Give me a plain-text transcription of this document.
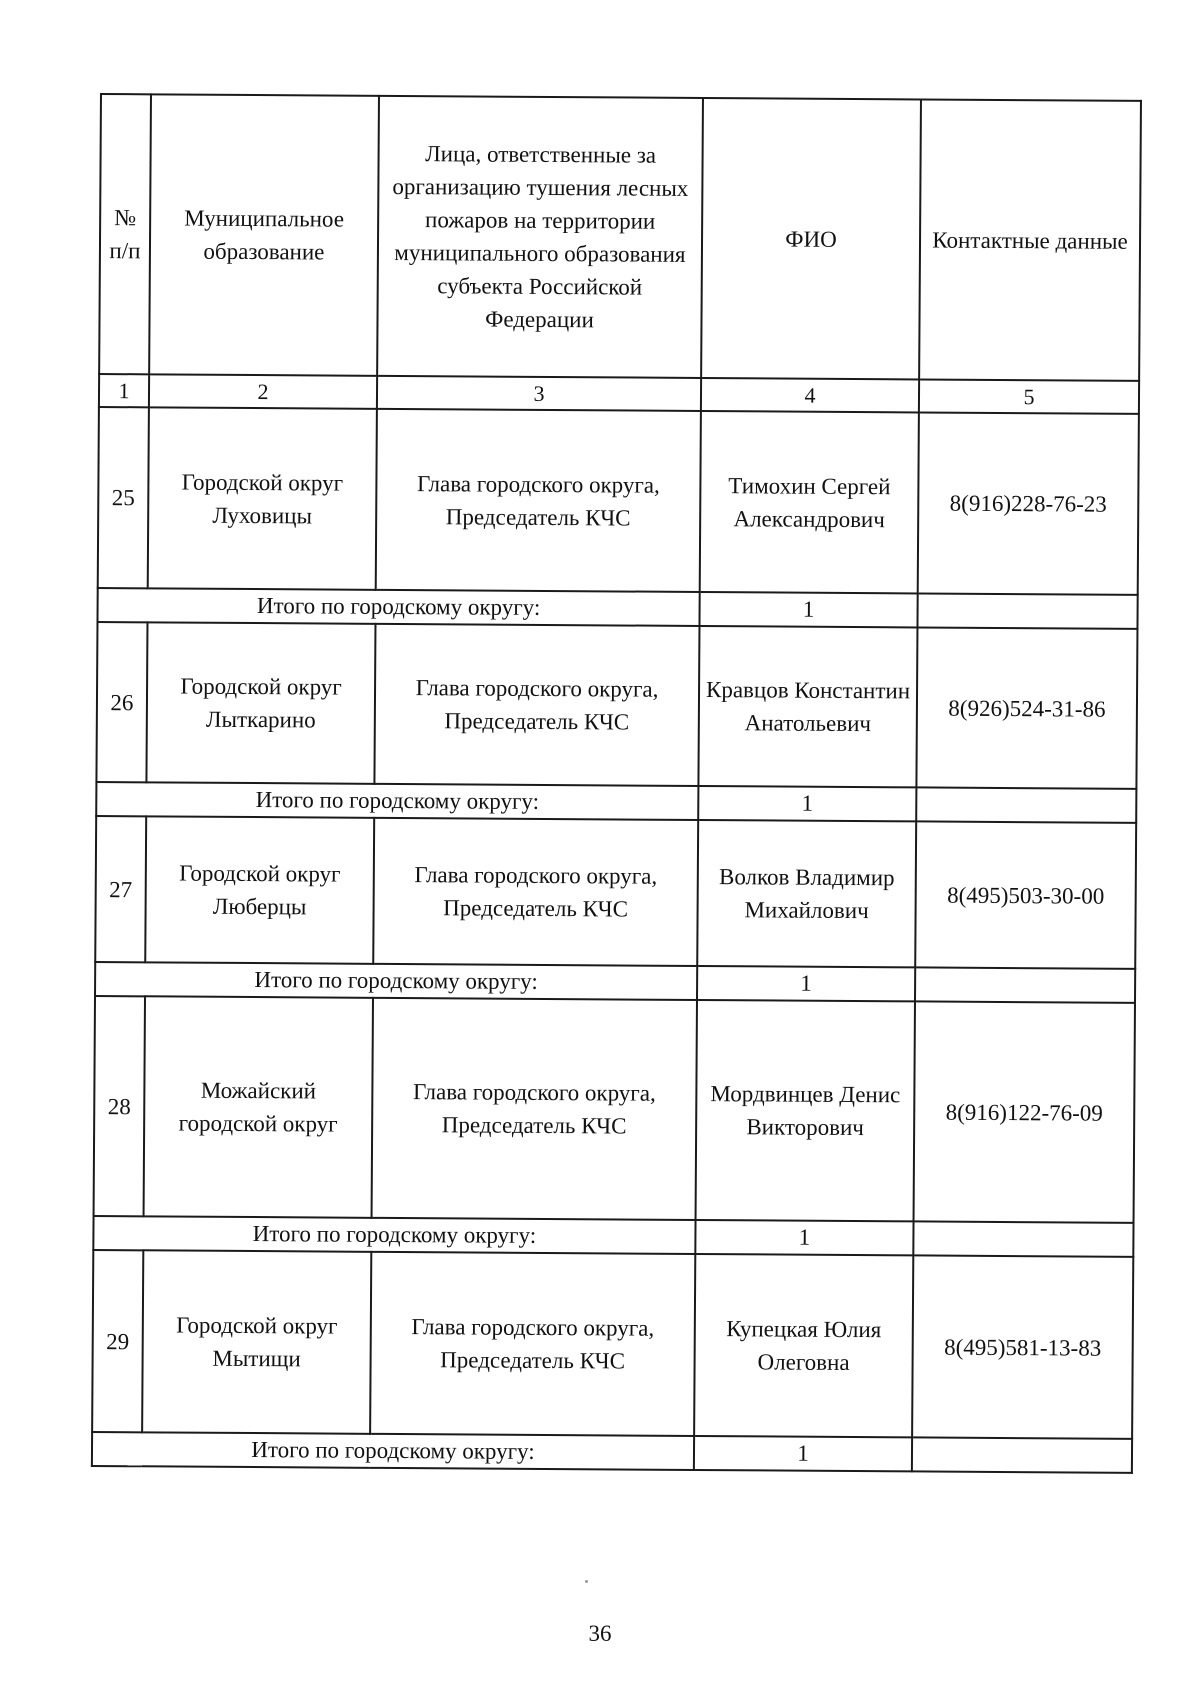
№ п/п	Муниципальное образование	Лица, ответственные за организацию тушения лесных пожаров на территории муниципального образования субъекта Российской Федерации	ФИО	Контактные данные
1	2	3	4	5
25	Городской округ Луховицы	Глава городского округа, Председатель КЧС	Тимохин Сергей Александрович	8(916)228-76-23
Итого по городскому округу:			1	
26	Городской округ Лыткарино	Глава городского округа, Председатель КЧС	Кравцов Константин Анатольевич	8(926)524-31-86
Итого по городскому округу:			1	
27	Городской округ Люберцы	Глава городского округа, Председатель КЧС	Волков Владимир Михайлович	8(495)503-30-00
Итого по городскому округу:			1	
28	Можайский городской округ	Глава городского округа, Председатель КЧС	Мордвинцев Денис Викторович	8(916)122-76-09
Итого по городскому округу:			1	
29	Городской округ Мытищи	Глава городского округа, Председатель КЧС	Купецкая Юлия Олеговна	8(495)581-13-83
Итого по городскому округу:			1	
36
